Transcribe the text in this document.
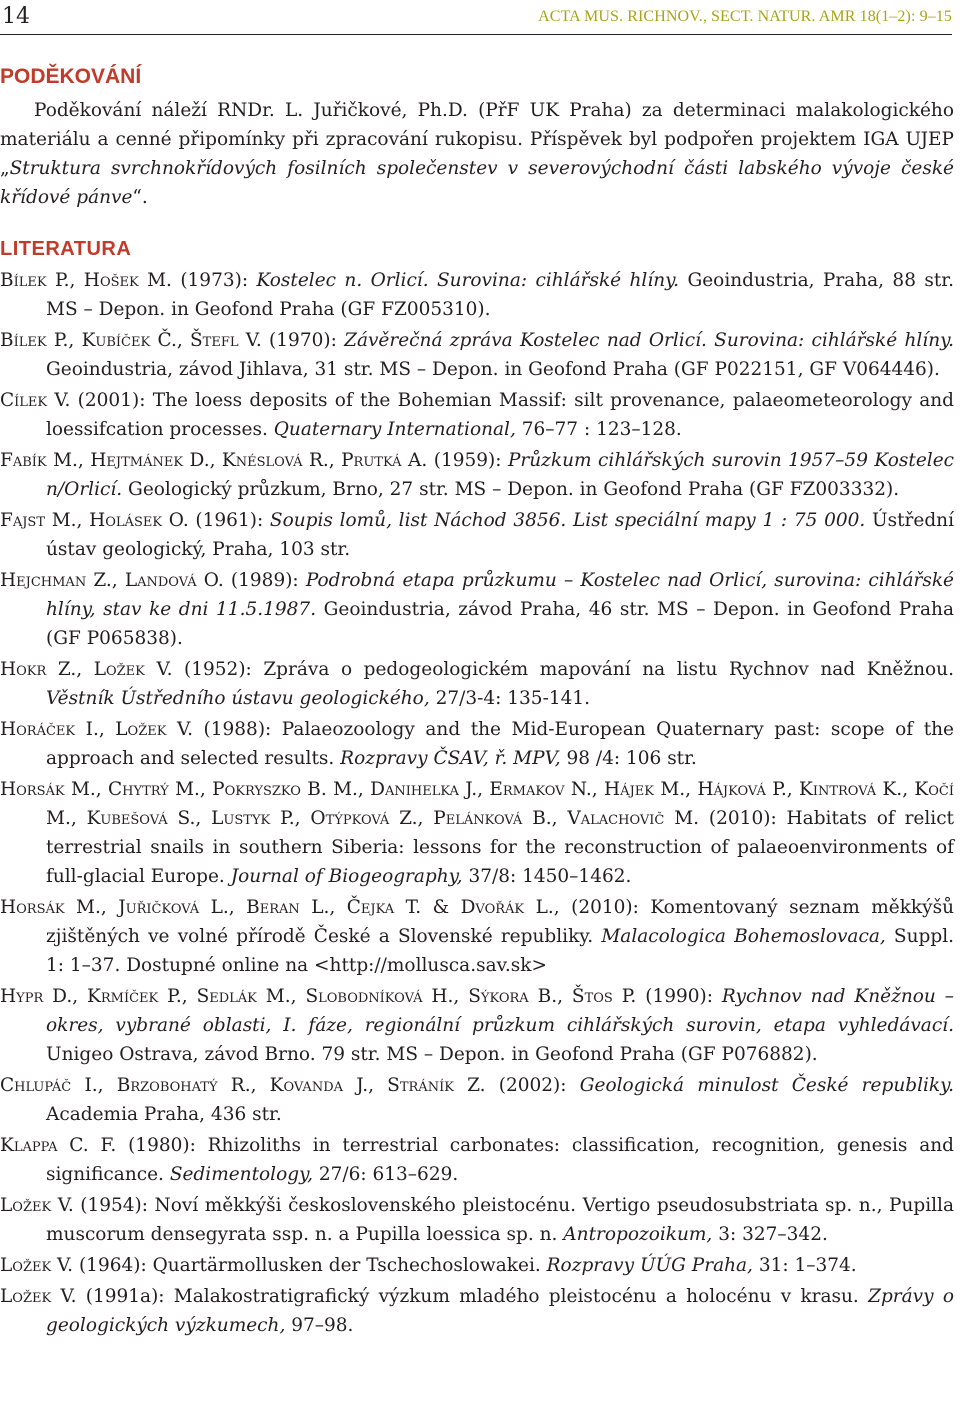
14	ACTA MUS. RICHNOV., SECT. NATUR. AMR 18(1–2): 9–15
PODĚKOVÁNÍ

Poděkování náleží RNDr. L. Juřičkové, Ph.D. (PřF UK Praha) za determinaci malakologického materiálu a cenné připomínky při zpracování rukopisu. Příspěvek byl podpořen projektem IGA UJEP „Struktura svrchnokřídových fosilních společenstev v severovýchodní části labského vývoje české křídové pánve“.

LITERATURA

Bílek P., Hošek M. (1973): Kostelec n. Orlicí. Surovina: cihlářské hlíny. Geoindustria, Praha, 88 str. MS – Depon. in Geofond Praha (GF FZ005310).

Bílek P., Kubíček Č., Štefl V. (1970): Závěrečná zpráva Kostelec nad Orlicí. Surovina: cihlářské hlíny. Geoindustria, závod Jihlava, 31 str. MS – Depon. in Geofond Praha (GF P022151, GF V064446).

Cílek V. (2001): The loess deposits of the Bohemian Massif: silt provenance, palaeometeorology and loessifcation processes. Quaternary International, 76–77 : 123–128.

Fabík M., Hejtmánek D., Knéslová R., Prutká A. (1959): Průzkum cihlářských surovin 1957–59 Kostelec n/Orlicí. Geologický průzkum, Brno, 27 str. MS – Depon. in Geofond Praha (GF FZ003332).

Fajst M., Holásek O. (1961): Soupis lomů, list Náchod 3856. List speciální mapy 1 : 75 000. Ústřední ústav geologický, Praha, 103 str.

Hejchman Z., Landová O. (1989): Podrobná etapa průzkumu – Kostelec nad Orlicí, surovina: cihlářské hlíny, stav ke dni 11.5.1987. Geoindustria, závod Praha, 46 str. MS – Depon. in Geofond Praha (GF P065838).

Hokr Z., Ložek V. (1952): Zpráva o pedogeologickém mapování na listu Rychnov nad Kněžnou. Věstník Ústředního ústavu geologického, 27/3-4: 135-141.

Horáček I., Ložek V. (1988): Palaeozoology and the Mid-European Quaternary past: scope of the approach and selected results. Rozpravy ČSAV, ř. MPV, 98 /4: 106 str.

Horsák M., Chytrý M., Pokryszko B. M., Danihelka J., Ermakov N., Hájek M., Hájková P., Kintrová K., Kočí M., Kubešová S., Lustyk P., Otýpková Z., Pelánková B., Valachovič M. (2010): Habitats of relict terrestrial snails in southern Siberia: lessons for the reconstruction of palaeoenvironments of full-glacial Europe. Journal of Biogeography, 37/8: 1450–1462.

Horsák M., Juřičková L., Beran L., Čejka T. & Dvořák L., (2010): Komentovaný seznam měkkýšů zjištěných ve volné přírodě České a Slovenské republiky. Malacologica Bohemoslovaca, Suppl. 1: 1–37. Dostupné online na <http://mollusca.sav.sk>

Hypr D., Krmíček P., Sedlák M., Slobodníková H., Sýkora B., Štos P. (1990): Rychnov nad Kněžnou – okres, vybrané oblasti, I. fáze, regionální průzkum cihlářských surovin, etapa vyhledávací. Unigeo Ostrava, závod Brno. 79 str. MS – Depon. in Geofond Praha (GF P076882).

Chlupáč I., Brzobohatý R., Kovanda J., Stráník Z. (2002): Geologická minulost České republiky. Academia Praha, 436 str.

Klappa C. F. (1980): Rhizoliths in terrestrial carbonates: classification, recognition, genesis and significance. Sedimentology, 27/6: 613–629.

Ložek V. (1954): Noví měkkýši československého pleistocénu. Vertigo pseudosubstriata sp. n., Pupilla muscorum densegyrata ssp. n. a Pupilla loessica sp. n. Antropozoikum, 3: 327–342.

Ložek V. (1964): Quartärmollusken der Tschechoslowakei. Rozpravy ÚÚG Praha, 31: 1–374.

Ložek V. (1991a): Malakostratigrafický výzkum mladého pleistocénu a holocénu v krasu. Zprávy o geologických výzkumech, 97–98.
